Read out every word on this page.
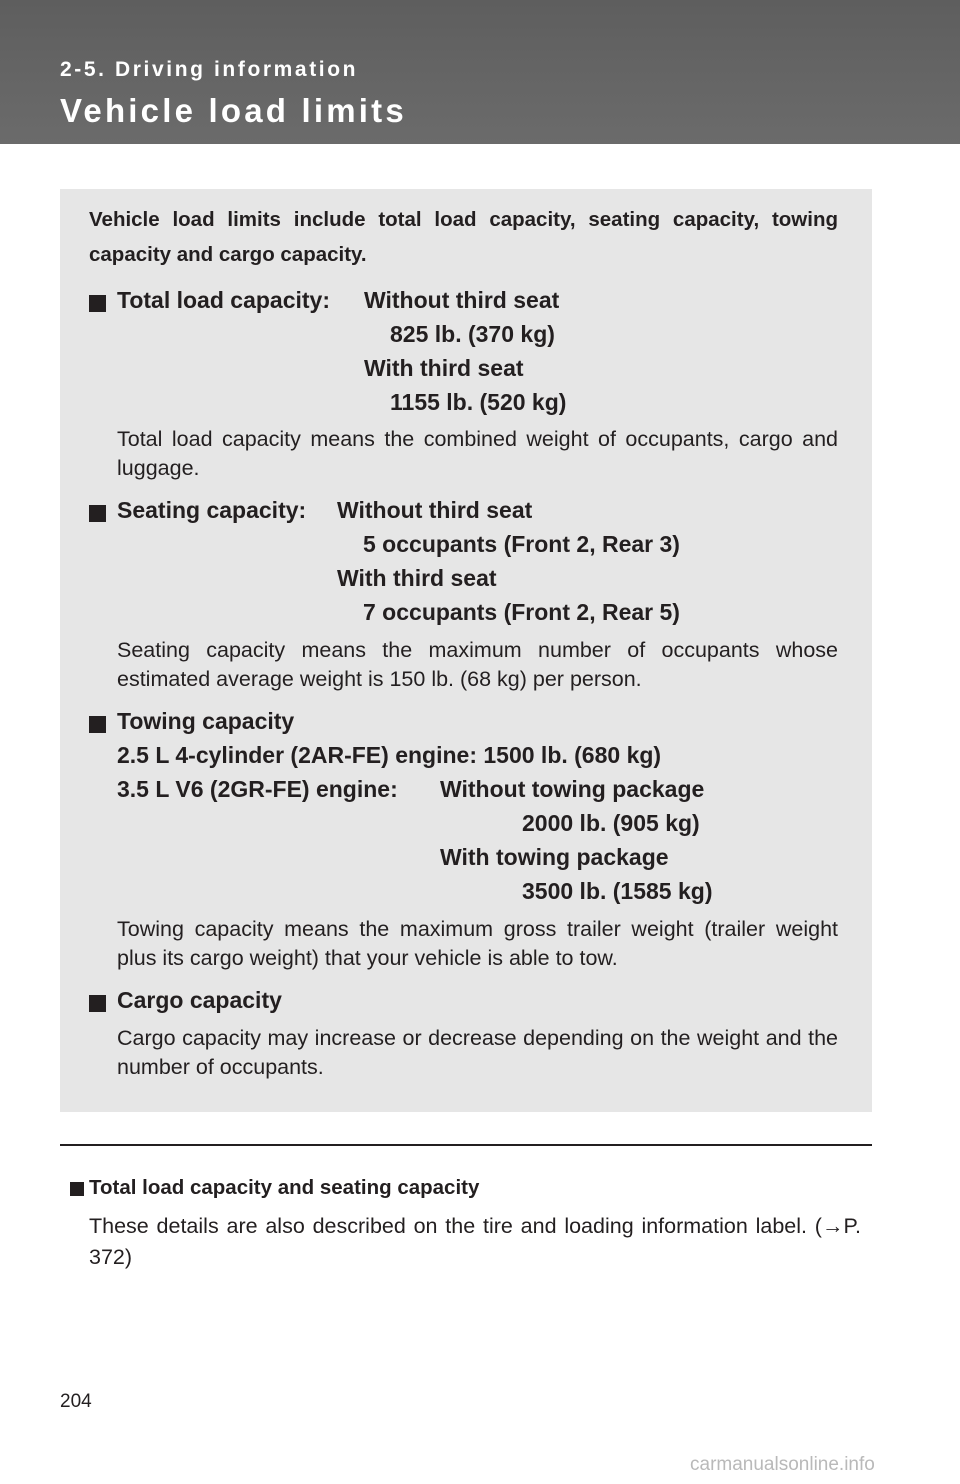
2-5. Driving information
Vehicle load limits
Vehicle load limits include total load capacity, seating capacity, towing capacity and cargo capacity.
Total load capacity: Without third seat
825 lb. (370 kg)
With third seat
1155 lb. (520 kg)
Total load capacity means the combined weight of occupants, cargo and luggage.
Seating capacity: Without third seat
5 occupants (Front 2, Rear 3)
With third seat
7 occupants (Front 2, Rear 5)
Seating capacity means the maximum number of occupants whose estimated average weight is 150 lb. (68 kg) per person.
Towing capacity
2.5 L 4-cylinder (2AR-FE) engine: 1500 lb. (680 kg)
3.5 L V6 (2GR-FE) engine: Without towing package
2000 lb. (905 kg)
With towing package
3500 lb. (1585 kg)
Towing capacity means the maximum gross trailer weight (trailer weight plus its cargo weight) that your vehicle is able to tow.
Cargo capacity
Cargo capacity may increase or decrease depending on the weight and the number of occupants.
Total load capacity and seating capacity
These details are also described on the tire and loading information label. (→P. 372)
204
carmanualsonline.info
